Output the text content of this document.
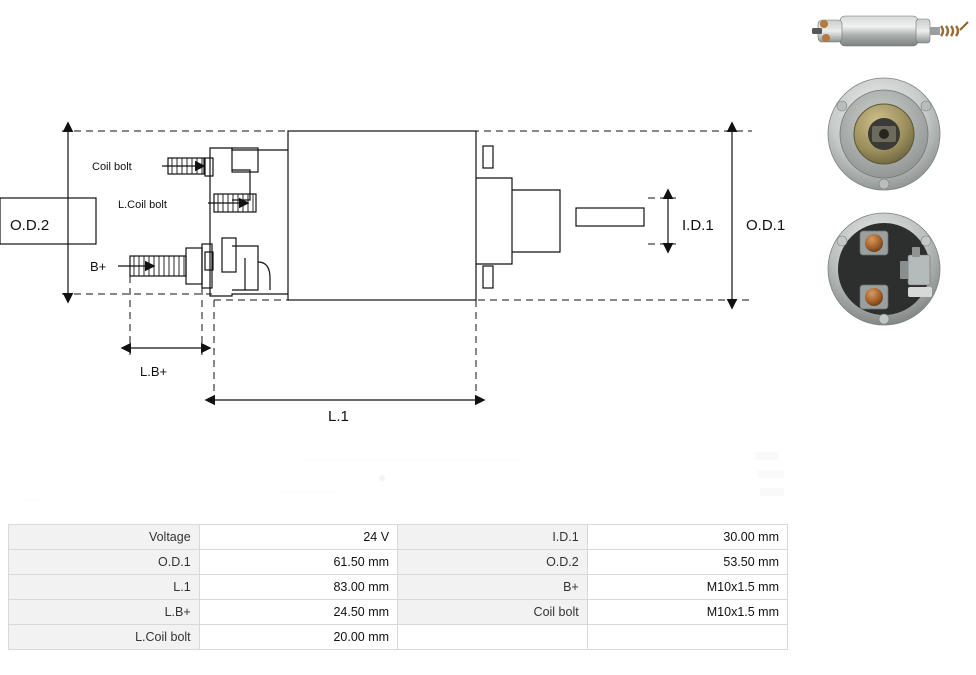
O.D.2	O.D.1
I.D.1
L.1
L.B+
B+
Coil bolt
L.Coil bolt
Voltage	24 V	I.D.1	30.00 mm
O.D.1	61.50 mm	O.D.2	53.50 mm
L.1	83.00 mm	B+	M10x1.5 mm
L.B+	24.50 mm	Coil bolt	M10x1.5 mm
L.Coil bolt	20.00 mm		
